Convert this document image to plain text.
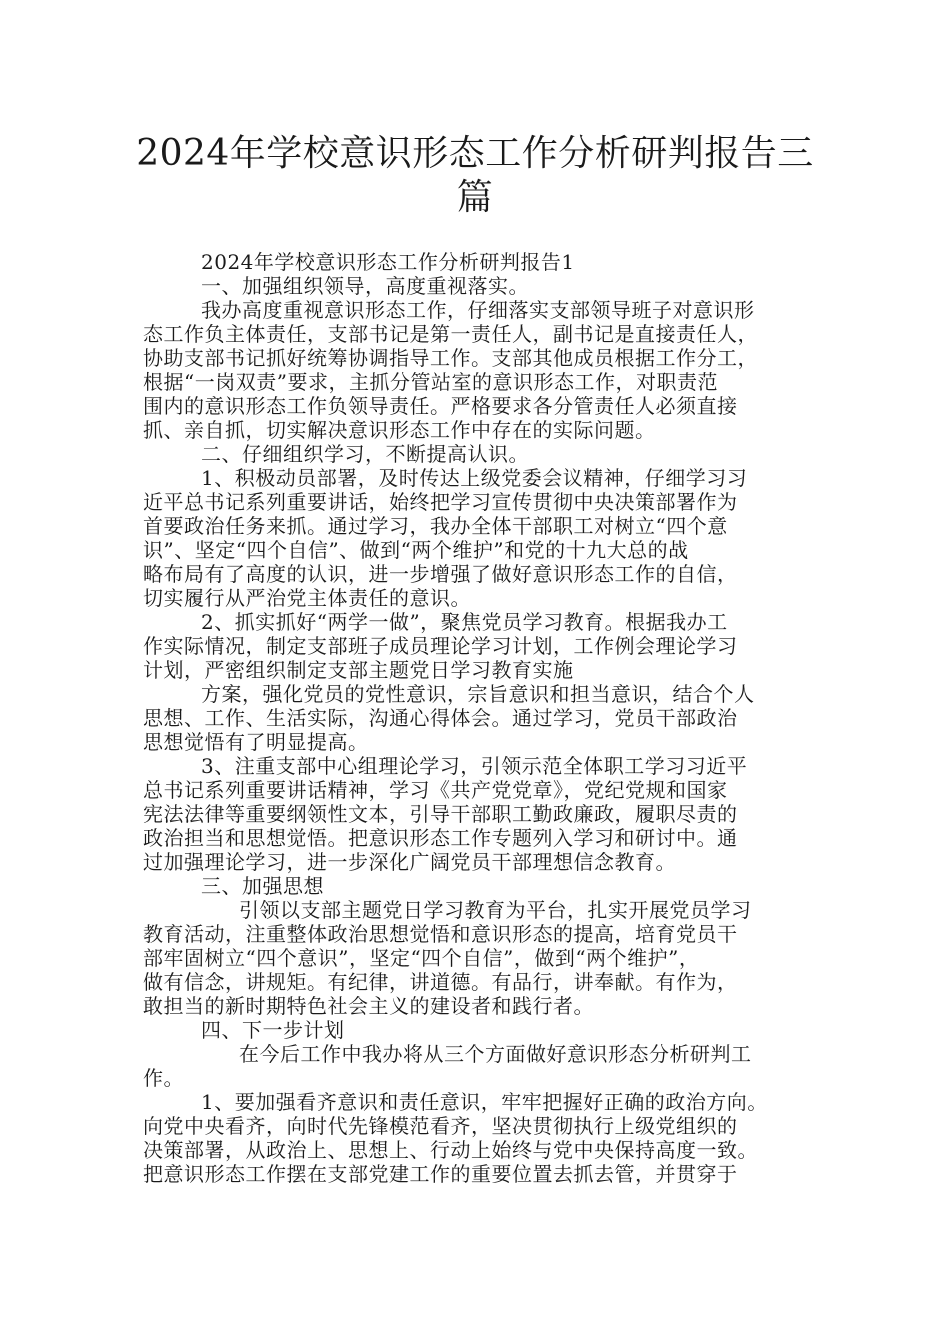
2024年学校意识形态工作分析研判报告三
篇
2024年学校意识形态工作分析研判报告1
一、加强组织领导，高度重视落实。
我办高度重视意识形态工作，仔细落实支部领导班子对意识形
态工作负主体责任，支部书记是第一责任人，副书记是直接责任人，
协助支部书记抓好统筹协调指导工作。支部其他成员根据工作分工，
根据“一岗双责”要求，主抓分管站室的意识形态工作，对职责范
围内的意识形态工作负领导责任。严格要求各分管责任人必须直接
抓、亲自抓，切实解决意识形态工作中存在的实际问题。
二、仔细组织学习，不断提高认识。
1、积极动员部署，及时传达上级党委会议精神，仔细学习习
近平总书记系列重要讲话，始终把学习宣传贯彻中央决策部署作为
首要政治任务来抓。通过学习，我办全体干部职工对树立“四个意
识”、坚定“四个自信”、做到“两个维护”和党的十九大总的战
略布局有了高度的认识，进一步增强了做好意识形态工作的自信，
切实履行从严治党主体责任的意识。
2、抓实抓好“两学一做”，聚焦党员学习教育。根据我办工
作实际情况，制定支部班子成员理论学习计划，工作例会理论学习
计划，严密组织制定支部主题党日学习教育实施
方案，强化党员的党性意识，宗旨意识和担当意识，结合个人
思想、工作、生活实际，沟通心得体会。通过学习，党员干部政治
思想觉悟有了明显提高。
3、注重支部中心组理论学习，引领示范全体职工学习习近平
总书记系列重要讲话精神，学习《共产党党章》，党纪党规和国家
宪法法律等重要纲领性文本，引导干部职工勤政廉政，履职尽责的
政治担当和思想觉悟。把意识形态工作专题列入学习和研讨中。通
过加强理论学习，进一步深化广阔党员干部理想信念教育。
三、加强思想
引领以支部主题党日学习教育为平台，扎实开展党员学习
教育活动，注重整体政治思想觉悟和意识形态的提高，培育党员干
部牢固树立“四个意识”，坚定“四个自信”，做到“两个维护”，
做有信念，讲规矩。有纪律，讲道德。有品行，讲奉献。有作为，
敢担当的新时期特色社会主义的建设者和践行者。
四、下一步计划
在今后工作中我办将从三个方面做好意识形态分析研判工
作。
1、要加强看齐意识和责任意识，牢牢把握好正确的政治方向。
向党中央看齐，向时代先锋模范看齐，坚决贯彻执行上级党组织的
决策部署，从政治上、思想上、行动上始终与党中央保持高度一致。
把意识形态工作摆在支部党建工作的重要位置去抓去管，并贯穿于
